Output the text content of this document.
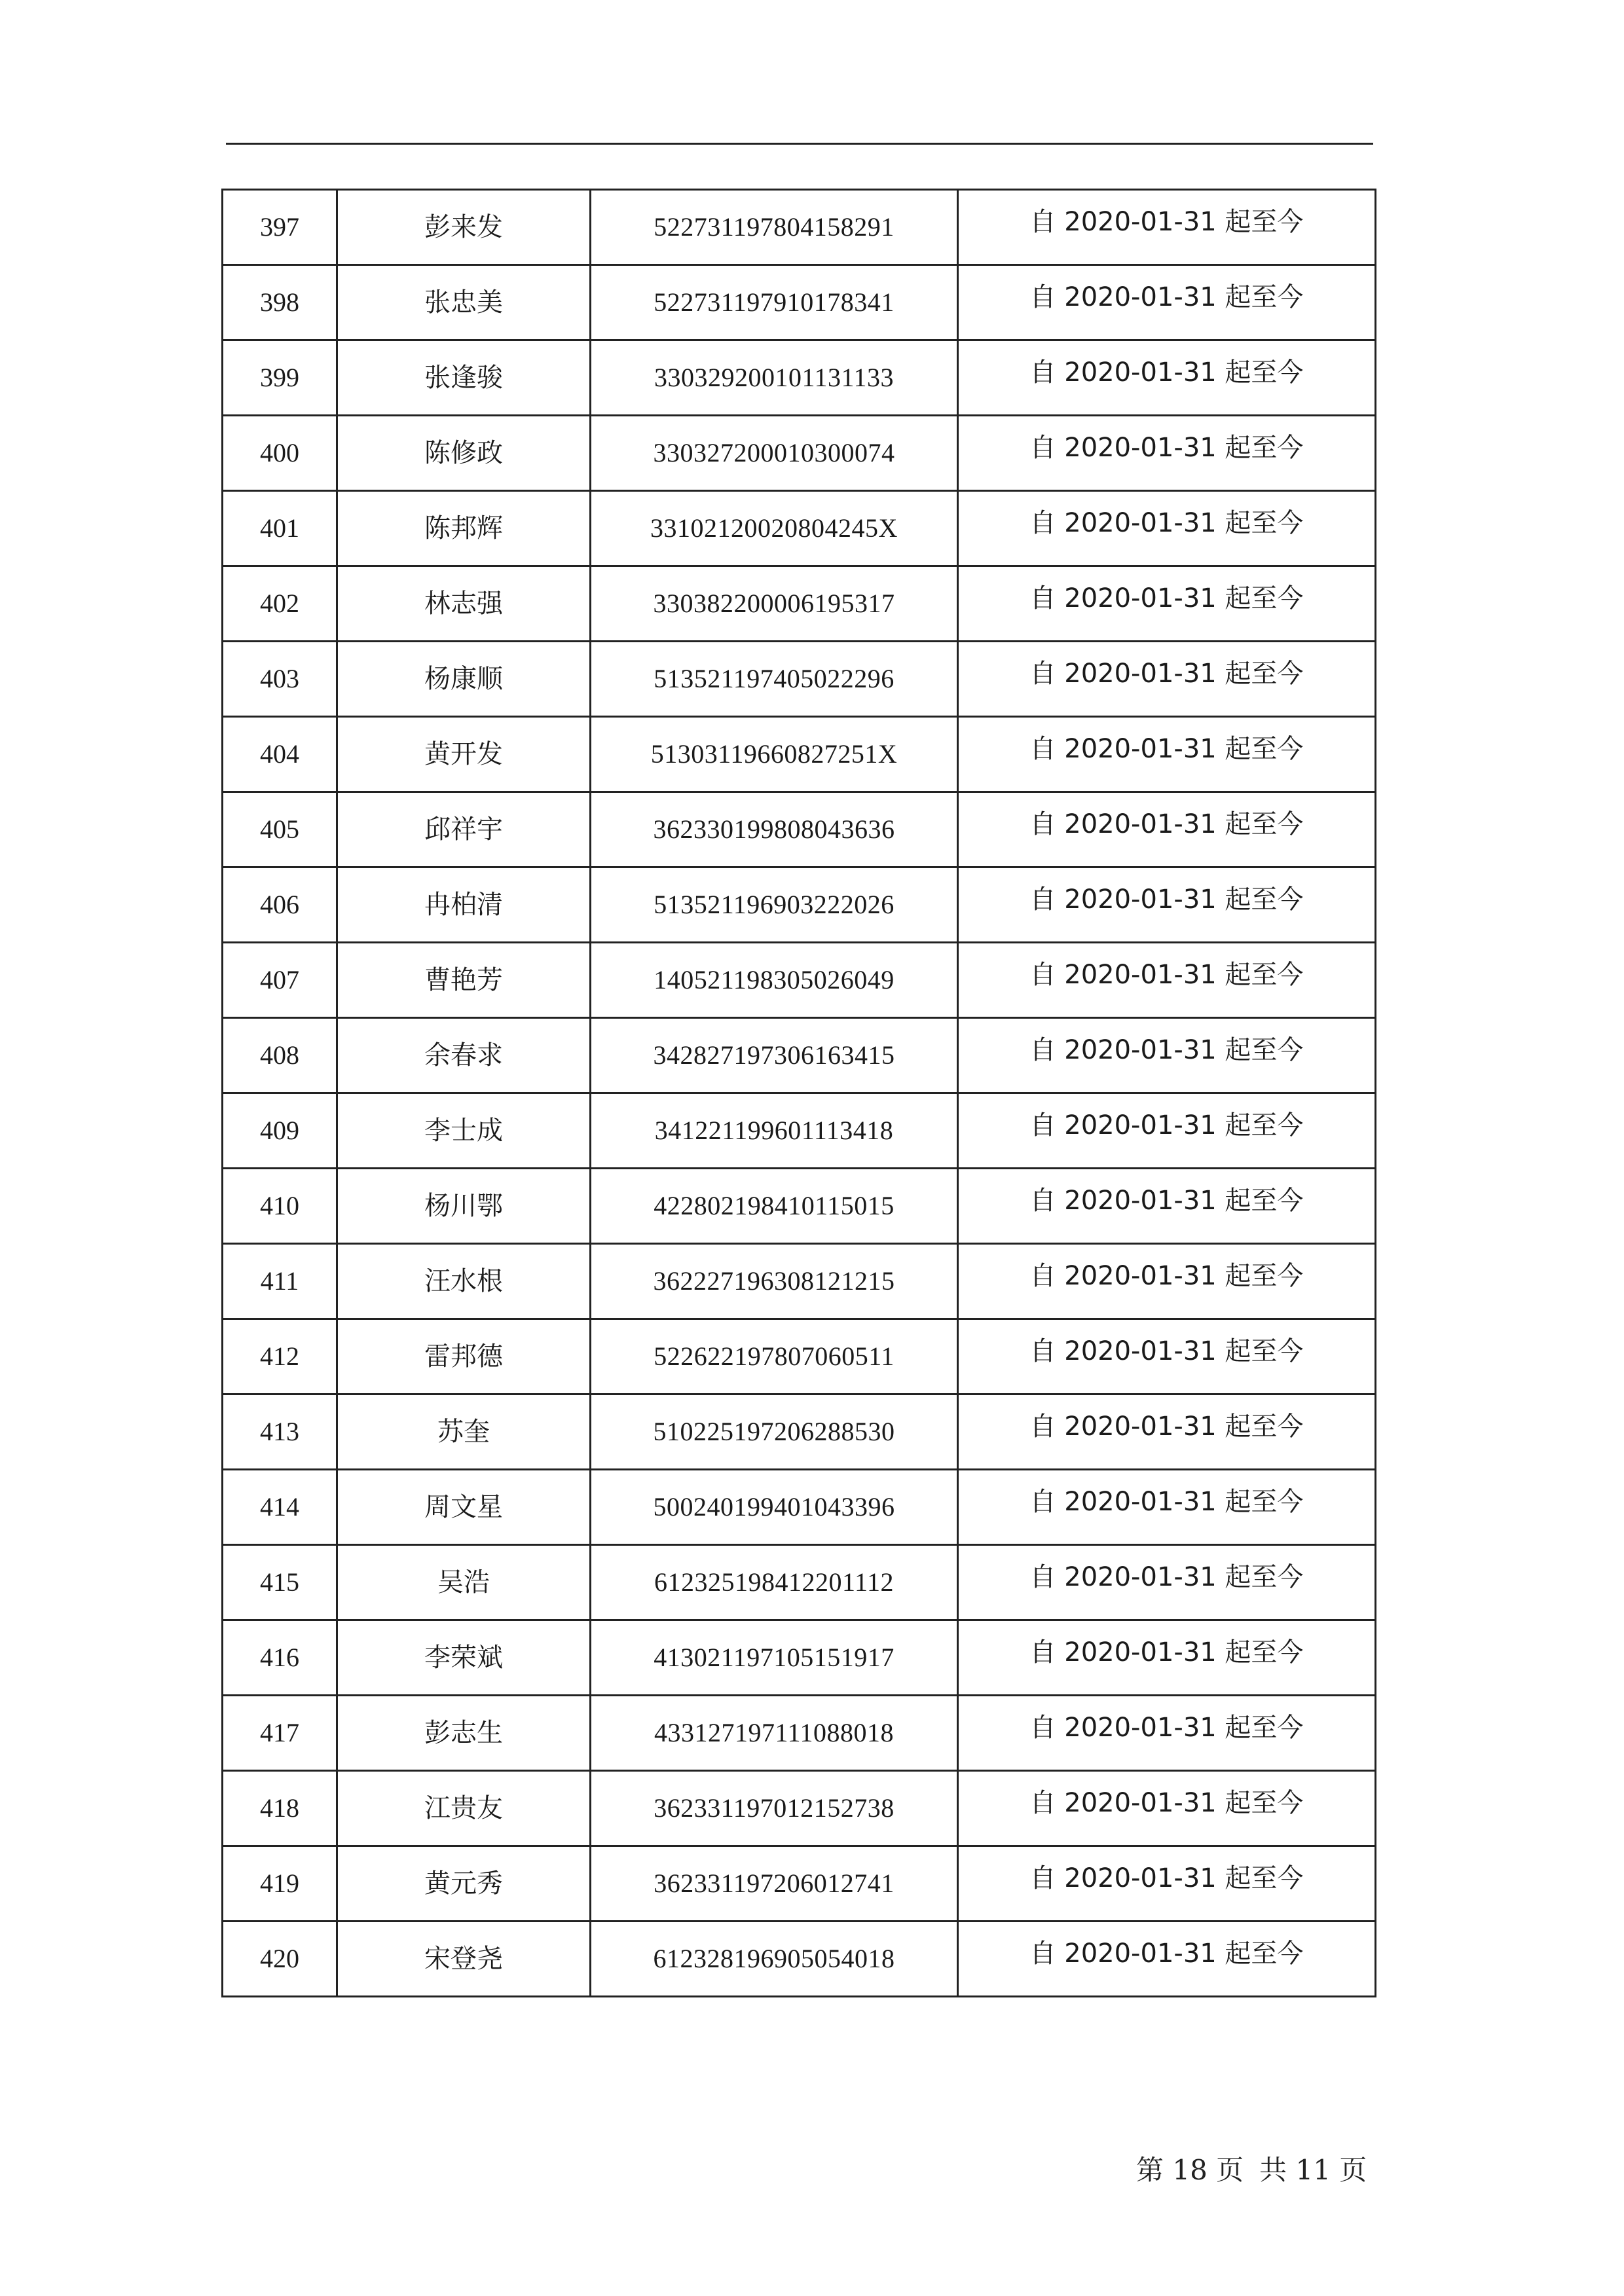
397	彭来发	522731197804158291	自 2020-01-31 起至今
398	张忠美	522731197910178341	自 2020-01-31 起至今
399	张逢骏	330329200101131133	自 2020-01-31 起至今
400	陈修政	330327200010300074	自 2020-01-31 起至今
401	陈邦辉	33102120020804245X	自 2020-01-31 起至今
402	林志强	330382200006195317	自 2020-01-31 起至今
403	杨康顺	513521197405022296	自 2020-01-31 起至今
404	黄开发	51303119660827251X	自 2020-01-31 起至今
405	邱祥宇	362330199808043636	自 2020-01-31 起至今
406	冉柏清	513521196903222026	自 2020-01-31 起至今
407	曹艳芳	140521198305026049	自 2020-01-31 起至今
408	余春求	342827197306163415	自 2020-01-31 起至今
409	李士成	341221199601113418	自 2020-01-31 起至今
410	杨川鄂	422802198410115015	自 2020-01-31 起至今
411	汪水根	362227196308121215	自 2020-01-31 起至今
412	雷邦德	522622197807060511	自 2020-01-31 起至今
413	苏奎	510225197206288530	自 2020-01-31 起至今
414	周文星	500240199401043396	自 2020-01-31 起至今
415	吴浩	612325198412201112	自 2020-01-31 起至今
416	李荣斌	413021197105151917	自 2020-01-31 起至今
417	彭志生	433127197111088018	自 2020-01-31 起至今
418	江贵友	362331197012152738	自 2020-01-31 起至今
419	黄元秀	362331197206012741	自 2020-01-31 起至今
420	宋登尧	612328196905054018	自 2020-01-31 起至今
第 18 页 共 11 页
